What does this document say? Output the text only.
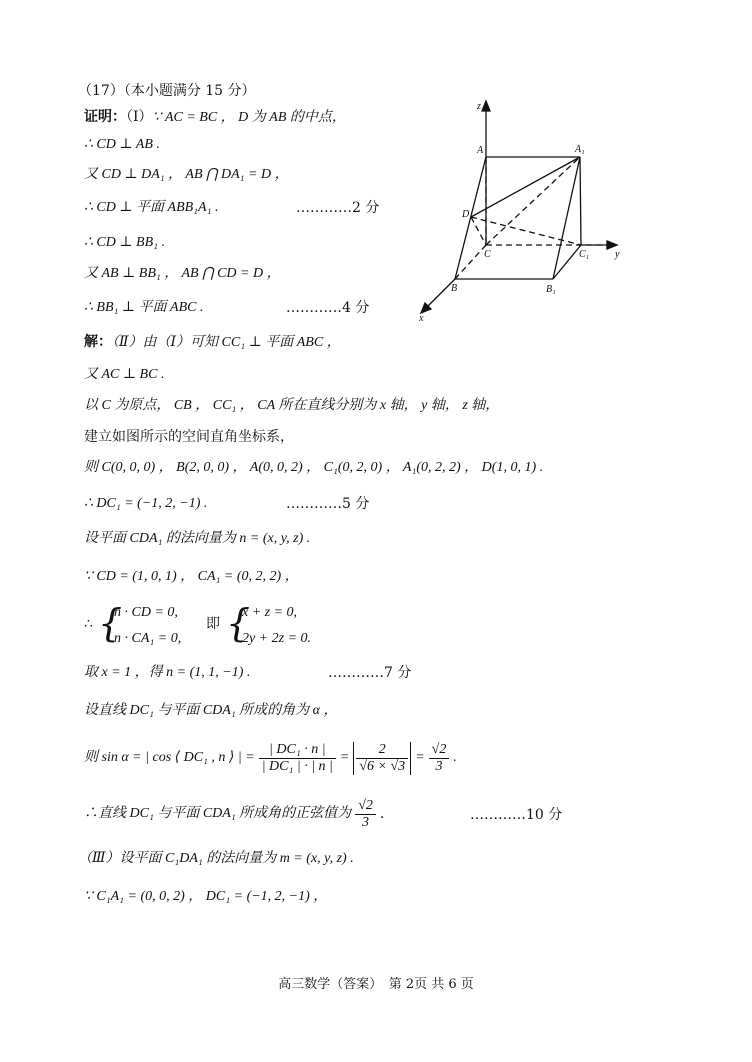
（17）（本小题满分 15 分）
证明：（Ⅰ）∵ AC = BC ， D 为 AB 的中点，
∴ CD ⊥ AB .
又 CD ⊥ DA₁ ， AB ⋂ DA₁ = D ，
∴ CD ⊥ 平面 ABB₁A₁ .	…………2 分
∴ CD ⊥ BB₁ .
又 AB ⊥ BB₁ ， AB ⋂ CD = D ，
∴ BB₁ ⊥ 平面 ABC .	…………4 分
z
A	A₁
D
C	C₁	y
B	B₁
x
解：（Ⅱ）由（Ⅰ）可知 CC₁ ⊥ 平面 ABC ，
又 AC ⊥ BC .
以 C 为原点， CB ， CC₁ ， CA 所在直线分别为 x 轴， y 轴， z 轴，
建立如图所示的空间直角坐标系，
则 C(0, 0, 0) ， B(2, 0, 0) ， A(0, 0, 2) ， C₁(0, 2, 0) ， A₁(0, 2, 2) ， D(1, 0, 1) .
∴ DC₁ = (−1, 2, −1) .	…………5 分
设平面 CDA₁ 的法向量为 n = (x, y, z) .
∵ CD = (1, 0, 1) ， CA₁ = (0, 2, 2) ，
∴ {
n · CD = 0,
n · CA₁ = 0,
即 {
x + z = 0,
2y + 2z = 0.
取 x = 1 ，得 n = (1, 1, −1) .	…………7 分
设直线 DC₁ 与平面 CDA₁ 所成的角为 α ，
则 sin α = | cos ⟨ DC₁ , n ⟩ | = $\frac{\text{| DC₁ · n |}}{\text{| DC₁ | · | n |}} = \frac{2}{√6 \times √3} = \frac{√2}{3}$ .
∴直线 DC₁ 与平面 CDA₁ 所成角的正弦值为 $\frac{√2}{3}$ .	…………10 分
（Ⅲ）设平面 C₁DA₁ 的法向量为 m = (x, y, z) .
∵ C₁A₁ = (0, 0, 2) ， DC₁ = (−1, 2, −1) ，
高三数学（答案）　第 2页 共 6 页
